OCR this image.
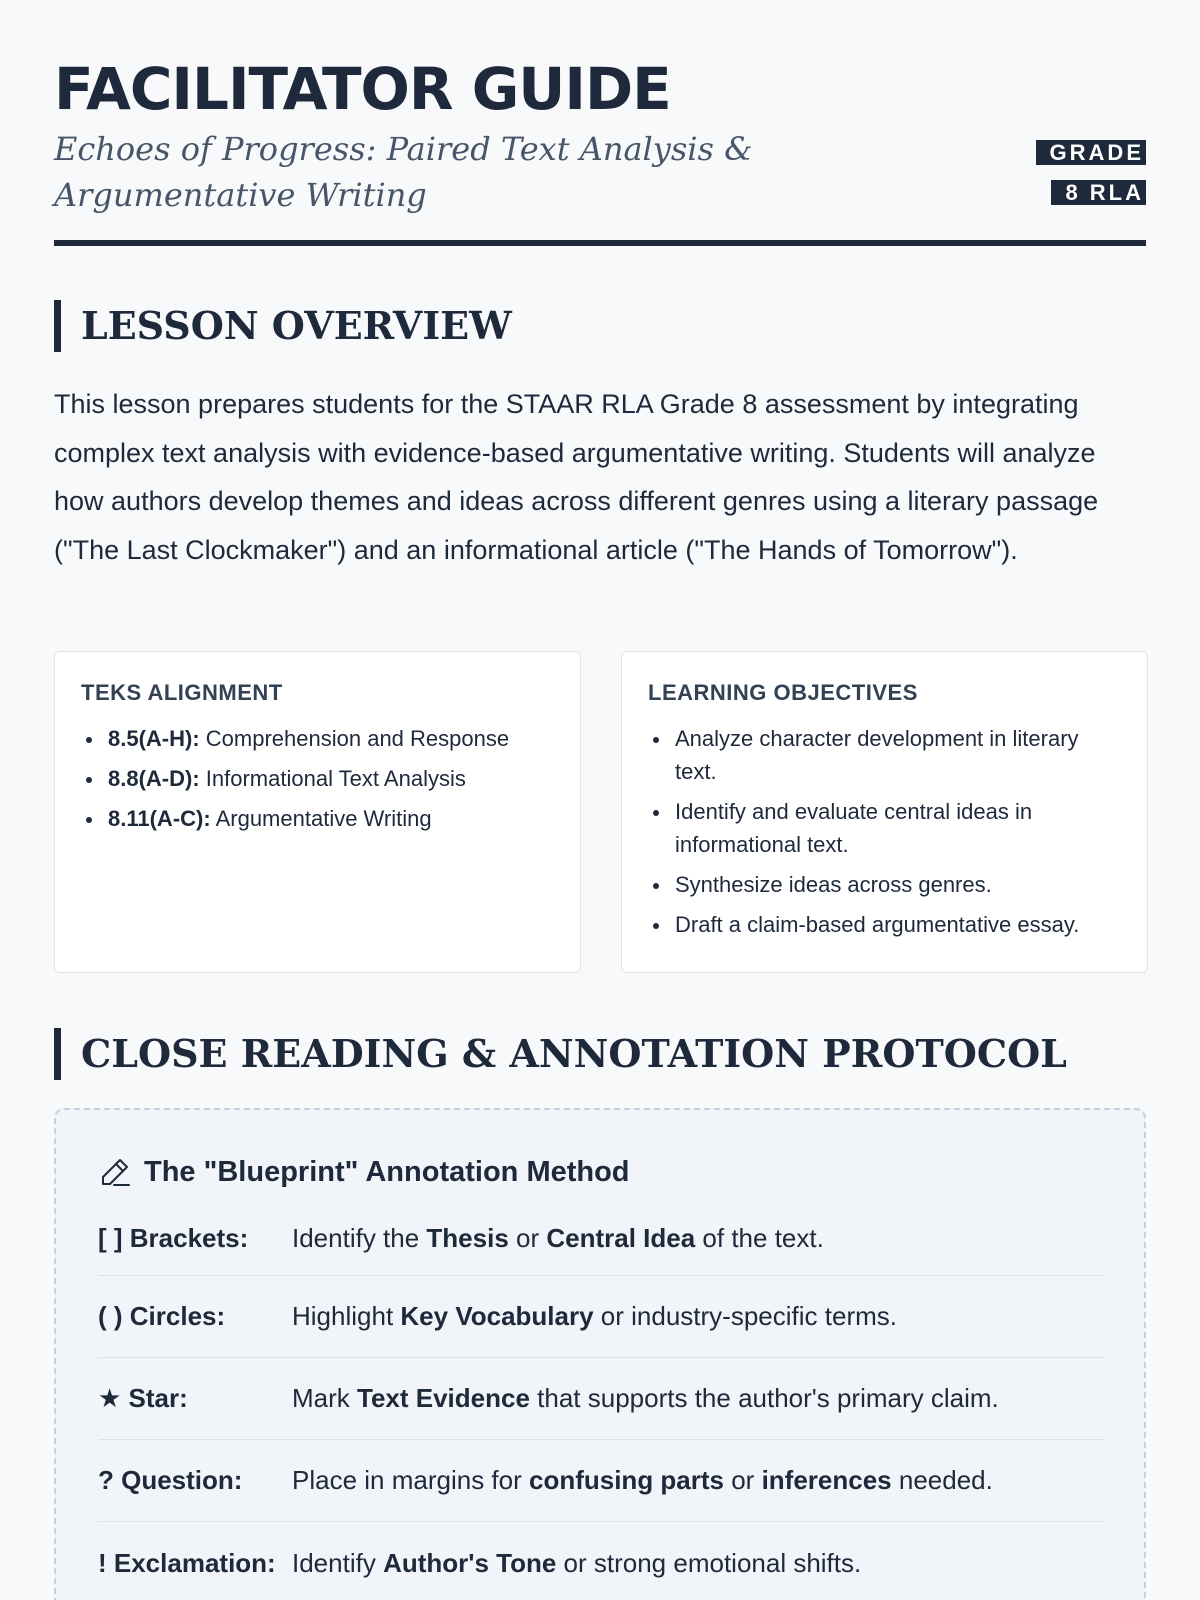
FACILITATOR GUIDE
Echoes of Progress: Paired Text Analysis & Argumentative Writing
GRADE 8 RLA
LESSON OVERVIEW

This lesson prepares students for the STAAR RLA Grade 8 assessment by integrating complex text analysis with evidence-based argumentative writing. Students will analyze how authors develop themes and ideas across different genres using a literary passage ("The Last Clockmaker") and an informational article ("The Hands of Tomorrow").

TEKS ALIGNMENT
8.5(A-H): Comprehension and Response
8.8(A-D): Informational Text Analysis
8.11(A-C): Argumentative Writing
LEARNING OBJECTIVES
Analyze character development in literary text.
Identify and evaluate central ideas in informational text.
Synthesize ideas across genres.
Draft a claim-based argumentative essay.
CLOSE READING & ANNOTATION PROTOCOL
The "Blueprint" Annotation Method
[ ] Brackets:	Identify the Thesis or Central Idea of the text.
( ) Circles:	Highlight Key Vocabulary or industry-specific terms.
★ Star:	Mark Text Evidence that supports the author's primary claim.
? Question:	Place in margins for confusing parts or inferences needed.
! Exclamation: Identify Author's Tone or strong emotional shifts.
